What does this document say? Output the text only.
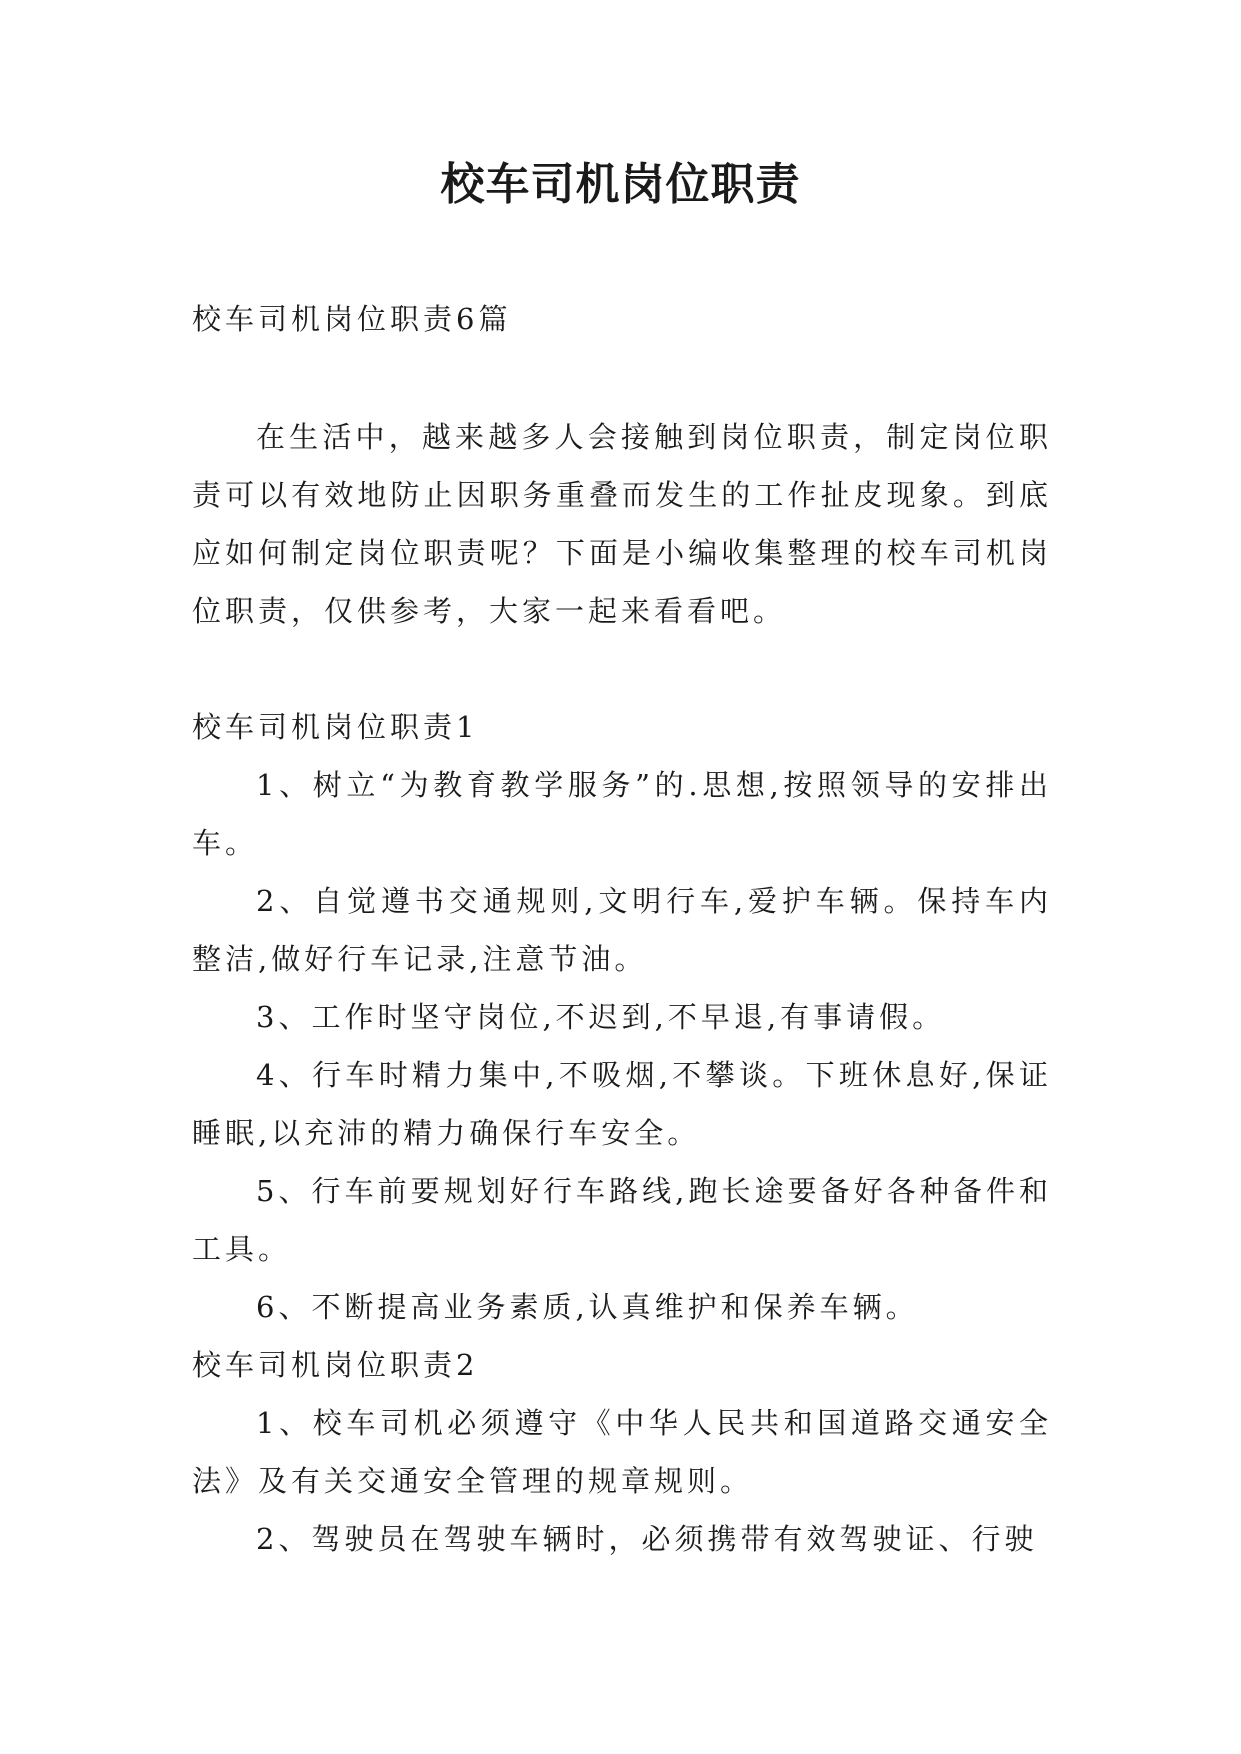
校车司机岗位职责

校车司机岗位职责6篇

在生活中，越来越多人会接触到岗位职责，制定岗位职责可以有效地防止因职务重叠而发生的工作扯皮现象。到底应如何制定岗位职责呢？下面是小编收集整理的校车司机岗位职责，仅供参考，大家一起来看看吧。

校车司机岗位职责1

1、树立“为教育教学服务”的.思想,按照领导的安排出车。

2、自觉遵书交通规则,文明行车,爱护车辆。保持车内整洁,做好行车记录,注意节油。

3、工作时坚守岗位,不迟到,不早退,有事请假。

4、行车时精力集中,不吸烟,不攀谈。下班休息好,保证睡眠,以充沛的精力确保行车安全。

5、行车前要规划好行车路线,跑长途要备好各种备件和工具。

6、不断提高业务素质,认真维护和保养车辆。

校车司机岗位职责2

1、校车司机必须遵守《中华人民共和国道路交通安全法》及有关交通安全管理的规章规则。

2、驾驶员在驾驶车辆时，必须携带有效驾驶证、行驶
